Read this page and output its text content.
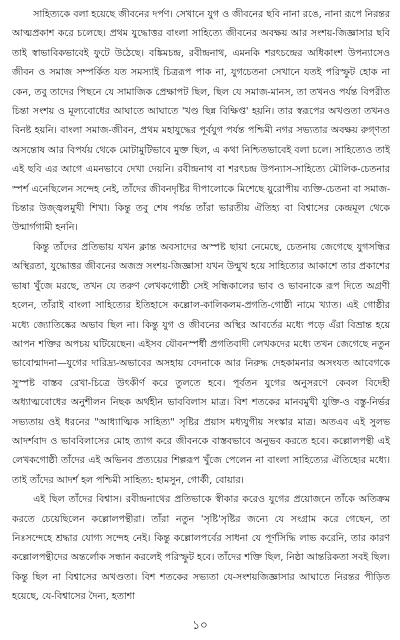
সাহিত্যকে বলা হয়েছে জীবনের দর্পণ। সেখানে যুগ ও জীবনের ছবি নানা রঙে, নানা রূপে নিরন্তর আত্মপ্রকাশ করে চলেছে। প্রথম যুদ্ধোত্তর বাংলা সাহিত্যে জীবনের অবক্ষয় আর সংশয়-জিজ্ঞাসার ছবি তাই স্বাভাবিকভাবেই ফুটে উঠেছে। বঙ্কিমচন্দ্র, রবীন্দ্রনাথ, এমনকি শরৎচন্দ্রের অধিকাংশ উপন্যাসেও জীবন ও সমাজ সম্পর্কিত যত সমস্যাই চিত্ররূপ পাক না, যুগচেতনা সেখানে যতই পরিস্ফুট হোক না কেন, তবু তাদের পিছনে যে সামাজিক প্রেক্ষাপট ছিল, ছিল যে সমাজ-মানস, তা তখনও পর্যন্ত বিপরীত চিন্তা সংশয় ও মূল্যবোধের আঘাতে আঘাতে 'খণ্ড ছিন্ন বিক্ষিপ্ত' হয়নি। তার স্বরূপের অখণ্ডতা তখনও বিনষ্ট হয়নি। বাংলা সমাজ-জীবন, প্রথম মহাযুদ্ধের পূর্বযুগ পর্যন্ত পশ্চিমী নগর সভ্যতার অবক্ষয় রুগ্ণতা অসন্তোষ আর বিপর্যয় থেকে মোটামুটিভাবে মুক্ত ছিল, এ কথা নিশ্চিতভাবেই বলা চলে। সাহিত্যেও তাই এই ছবি এর আগে এমনভাবে দেখা দেয়নি। রবীন্দ্রনাথ বা শরৎচন্দ্র উপন্যাস-সাহিত্যে মৌলিক-চেতনার স্পর্শ এনেছিলেন সন্দেহ নেই, তাঁদের জীবনদৃষ্টির দীপালোকে মিশেছে য়ুরোপীয় ব্যক্তি-চেতনা বা সমাজ-চিন্তার উজ্জ্বলমুখী শিখা। কিন্তু তবু শেষ পর্যন্ত তাঁরা ভারতীয় ঐতিহ্য বা বিশ্বাসের কেন্দ্রমূল থেকে উন্মার্গগামী হননি।

কিন্তু তাঁদের প্রতিভায় যখন ক্লান্ত অবসাদের অস্পষ্ট ছায়া নেমেছে, চেতনায় জেগেছে যুগসন্ধির অস্থিরতা, যুদ্ধোত্তর জীবনের অজস্র সংশয়-জিজ্ঞাসা যখন উন্মুখ হয়ে সাহিত্যের আকাশে তার প্রকাশের ভাষা খুঁজে মরছে, তখন যে তরুণ লেখকগোষ্ঠী সেই সন্ধিকালের ভাব ও ভাবনাকে রূপ দিতে অগ্রণী হলেন, তাঁরাই বাংলা সাহিত্যের ইতিহাসে কল্লোল-কালিকলম-প্রগতি-গোষ্ঠী নামে খ্যাত। এই গোষ্ঠীর মধ্যে জ্যোতিষ্কের অভাব ছিল না। কিন্তু যুগ ও জীবনের অস্থির আবর্তের মধ্যে পড়ে এঁরা বিভ্রান্ত হয়ে আপন শক্তির অপচয় ঘটিয়েছেন। এইসব যৌবনস্পর্ধী প্রগতিবাদী লেখকদের মধ্যে তখন জেগেছে নতুন ভাবোন্মাদনা—যুগের দারিদ্র্য-অভাবের অসহায় বেদনাকে আর নিরুদ্ধ দেহকামনার অসংযত আবেগকে সুস্পষ্ট বাস্তব রেখা-চিত্রে উৎকীর্ণ করে তুলতে হবে। পূর্বতন যুগের অনুসরণে কেবল বিদেহী অধ্যাত্মবোধের অনুশীলন নিছক অর্থহীন ভাববিলাস মাত্র। বিশ শতকের মানবমুখী যুক্তি-ও বস্তু-নির্ভর সভ্যতায় ওই ধরনের "আধ্যাত্মিক সাহিত্য" সৃষ্টির প্রয়াস মধ্যযুগীয় সংস্কার মাত্র। অতএব এই সুলভ আদর্শবাদ ও ভাববিলাসের মোহ ত্যাগ করে জীবনকে বাস্তবভাবে অনুভব করতে হবে। কল্লোলপন্থী এই লেখকগোষ্ঠী তাঁদের এই অভিনব প্রত্যয়ের শিল্পরূপ খুঁজে পেলেন না বাংলা সাহিত্যের ঐতিহ্যের মধ্যে। তাই তাঁদের আদর্শ হল পশ্চিমী সাহিত্য: হামসুন, গোর্কী, বোয়ার।

এই ছিল তাঁদের বিশ্বাস। রবীন্দ্রনাথের প্রতিভাকে স্বীকার করেও যুগের প্রয়োজনে তাঁকে অতিক্রম করতে চেয়েছিলেন কল্লোলপন্থীরা। তাঁরা নতুন 'সৃষ্টি'সৃষ্টির জন্যে যে সংগ্রাম করে গেছেন, তা নিঃসন্দেহে শ্রদ্ধার যোগ্য সন্দেহ নেই। কিন্তু কল্লোলপর্বের সাধনা যে পূর্ণসিদ্ধি লাভ করেনি, তার কারণ কল্লোলপন্থীদের অন্তর্লোক সন্ধান করলেই পরিস্ফুট হবে। তাঁদের শক্তি ছিল, নিষ্ঠা আন্তরিকতা সবই ছিল। কিন্তু ছিল না বিশ্বাসের অখণ্ডতা। বিশ শতকের সভ্যতা যে-সংশয়জিজ্ঞাসার আঘাতে নিরন্তর পীড়িত হয়েছে, যে-বিশ্বাসের দৈন্য, হতাশা

১০
